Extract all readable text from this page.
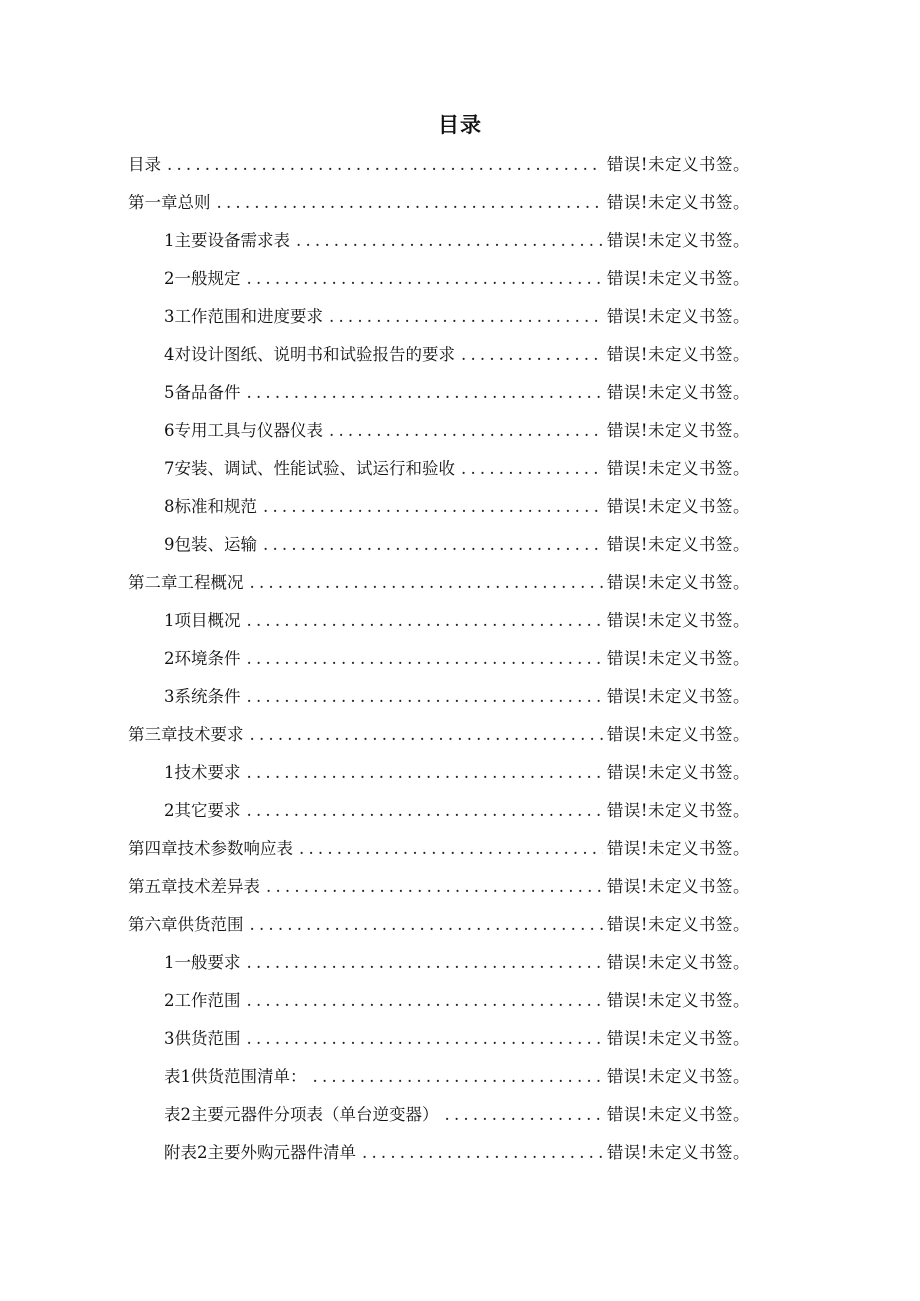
目录
目录 .....	错误!未定义书签。
第一章总则 .....	错误!未定义书签。
1主要设备需求表 .....	错误!未定义书签。
2一般规定 .....	错误!未定义书签。
3工作范围和进度要求 .....	错误!未定义书签。
4对设计图纸、说明书和试验报告的要求 .....	错误!未定义书签。
5备品备件 .....	错误!未定义书签。
6专用工具与仪器仪表 .....	错误!未定义书签。
7安装、调试、性能试验、试运行和验收 .....	错误!未定义书签。
8标准和规范 .....	错误!未定义书签。
9包装、运输 .....	错误!未定义书签。
第二章工程概况 .....	错误!未定义书签。
1项目概况 .....	错误!未定义书签。
2环境条件 .....	错误!未定义书签。
3系统条件 .....	错误!未定义书签。
第三章技术要求 .....	错误!未定义书签。
1技术要求 .....	错误!未定义书签。
2其它要求 .....	错误!未定义书签。
第四章技术参数响应表 .....	错误!未定义书签。
第五章技术差异表 .....	错误!未定义书签。
第六章供货范围 .....	错误!未定义书签。
1一般要求 .....	错误!未定义书签。
2工作范围 .....	错误!未定义书签。
3供货范围 .....	错误!未定义书签。
表1供货范围清单： .....	错误!未定义书签。
表2主要元器件分项表（单台逆变器） .....	错误!未定义书签。
附表2主要外购元器件清单 .....	错误!未定义书签。
